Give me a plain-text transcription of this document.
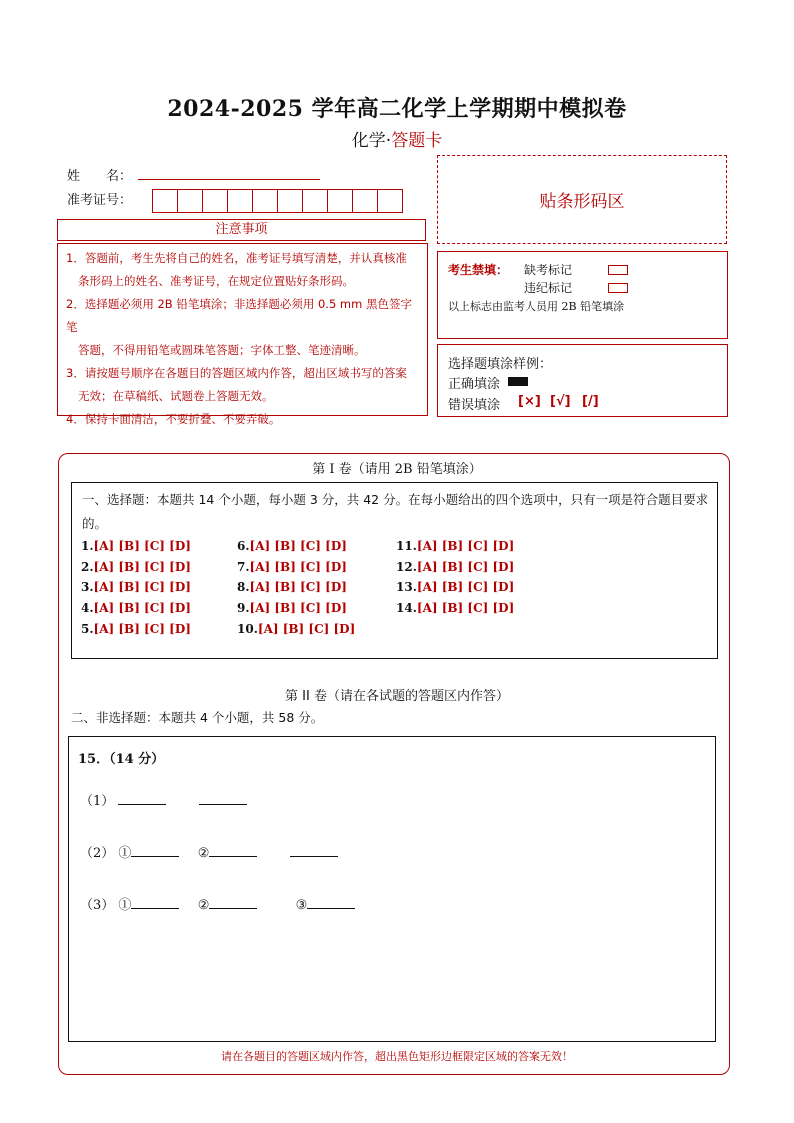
2024-2025 学年高二化学上学期期中模拟卷
化学·答题卡
姓　　名：
准考证号：	贴条形码区
注意事项

1．答题前，考生先将自己的姓名，准考证号填写清楚，并认真核准

条形码上的姓名、准考证号，在规定位置贴好条形码。

2．选择题必须用 2B 铅笔填涂；非选择题必须用 0.5 mm 黑色签字笔

答题，不得用铅笔或圆珠笔答题；字体工整、笔迹清晰。

3．请按题号顺序在各题目的答题区域内作答，超出区域书写的答案

无效；在草稿纸、试题卷上答题无效。

4．保持卡面清洁，不要折叠、不要弄破。

考生禁填： 缺考标记
违纪标记
以上标志由监考人员用 2B 铅笔填涂
选择题填涂样例：
正确填涂
错误填涂 [×] [√] [/]
第 I 卷（请用 2B 铅笔填涂）
一、选择题：本题共 14 个小题，每小题 3 分，共 42 分。在每小题给出的四个选项中，只有一项是符合题目要求的。
1.[A] [B] [C] [D]
2.[A] [B] [C] [D]
3.[A] [B] [C] [D]
4.[A] [B] [C] [D]
5.[A] [B] [C] [D]
6.[A] [B] [C] [D]
7.[A] [B] [C] [D]
8.[A] [B] [C] [D]
9.[A] [B] [C] [D]
10.[A] [B] [C] [D]
11.[A] [B] [C] [D]
12.[A] [B] [C] [D]
13.[A] [B] [C] [D]
14.[A] [B] [C] [D]
第 II 卷（请在各试题的答题区内作答）
二、非选择题：本题共 4 个小题，共 58 分。
15．（14 分）
（1）
（2） ①	②
（3） ①	②	③
请在各题目的答题区域内作答，超出黑色矩形边框限定区域的答案无效！
